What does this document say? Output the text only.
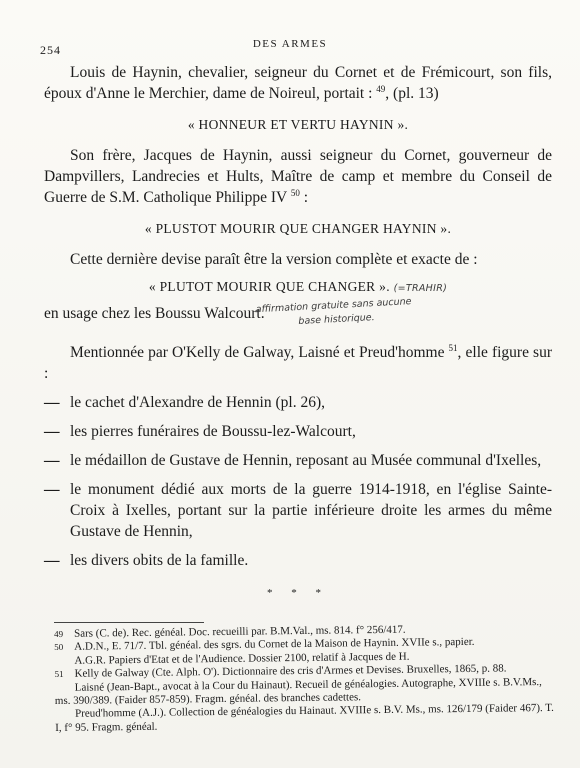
254	DES ARMES

Louis de Haynin, chevalier, seigneur du Cornet et de Frémicourt, son fils, époux d'Anne le Merchier, dame de Noireul, portait : $^{49}$, (pl. 13)

« HONNEUR ET VERTU HAYNIN ».

Son frère, Jacques de Haynin, aussi seigneur du Cornet, gouverneur de Dampvillers, Landrecies et Hults, Maître de camp et membre du Conseil de Guerre de S.M. Catholique Philippe IV $^{50}$ :

« PLUSTOT MOURIR QUE CHANGER HAYNIN ».

Cette dernière devise paraît être la version complète et exacte de :

« PLUTOT MOURIR QUE CHANGER ». (=TRAHIR)

en usage chez les Boussu Walcourt.

Mentionnée par O'Kelly de Galway, Laisné et Preud'homme $^{51}$, elle figure sur :

— le cachet d'Alexandre de Hennin (pl. 26),
— les pierres funéraires de Boussu-lez-Walcourt,
— le médaillon de Gustave de Hennin, reposant au Musée communal d'Ixelles,
— le monument dédié aux morts de la guerre 1914-1918, en l'église Sainte-Croix à Ixelles, portant sur la partie inférieure droite les armes du même Gustave de Hennin,
— les divers obits de la famille.
* * *
affirmation gratuite sans aucune
base historique.

49 Sars (C. de). Rec. généal. Doc. recueilli par. B.M.Val., ms. 814. f° 256/417.

50 A.D.N., E. 71/7. Tbl. généal. des sgrs. du Cornet de la Maison de Haynin. XVIIe s., papier.

A.G.R. Papiers d'Etat et de l'Audience. Dossier 2100, relatif à Jacques de H.

51 Kelly de Galway (Cte. Alph. O'). Dictionnaire des cris d'Armes et Devises. Bruxelles, 1865, p. 88.

Laisné (Jean-Bapt., avocat à la Cour du Hainaut). Recueil de généalogies. Autographe, XVIIIe s. B.V.Ms., ms. 390/389. (Faider 857-859). Fragm. généal. des branches cadettes.

Preud'homme (A.J.). Collection de généalogies du Hainaut. XVIIIe s. B.V. Ms., ms. 126/179 (Faider 467). T. I, f° 95. Fragm. généal.
